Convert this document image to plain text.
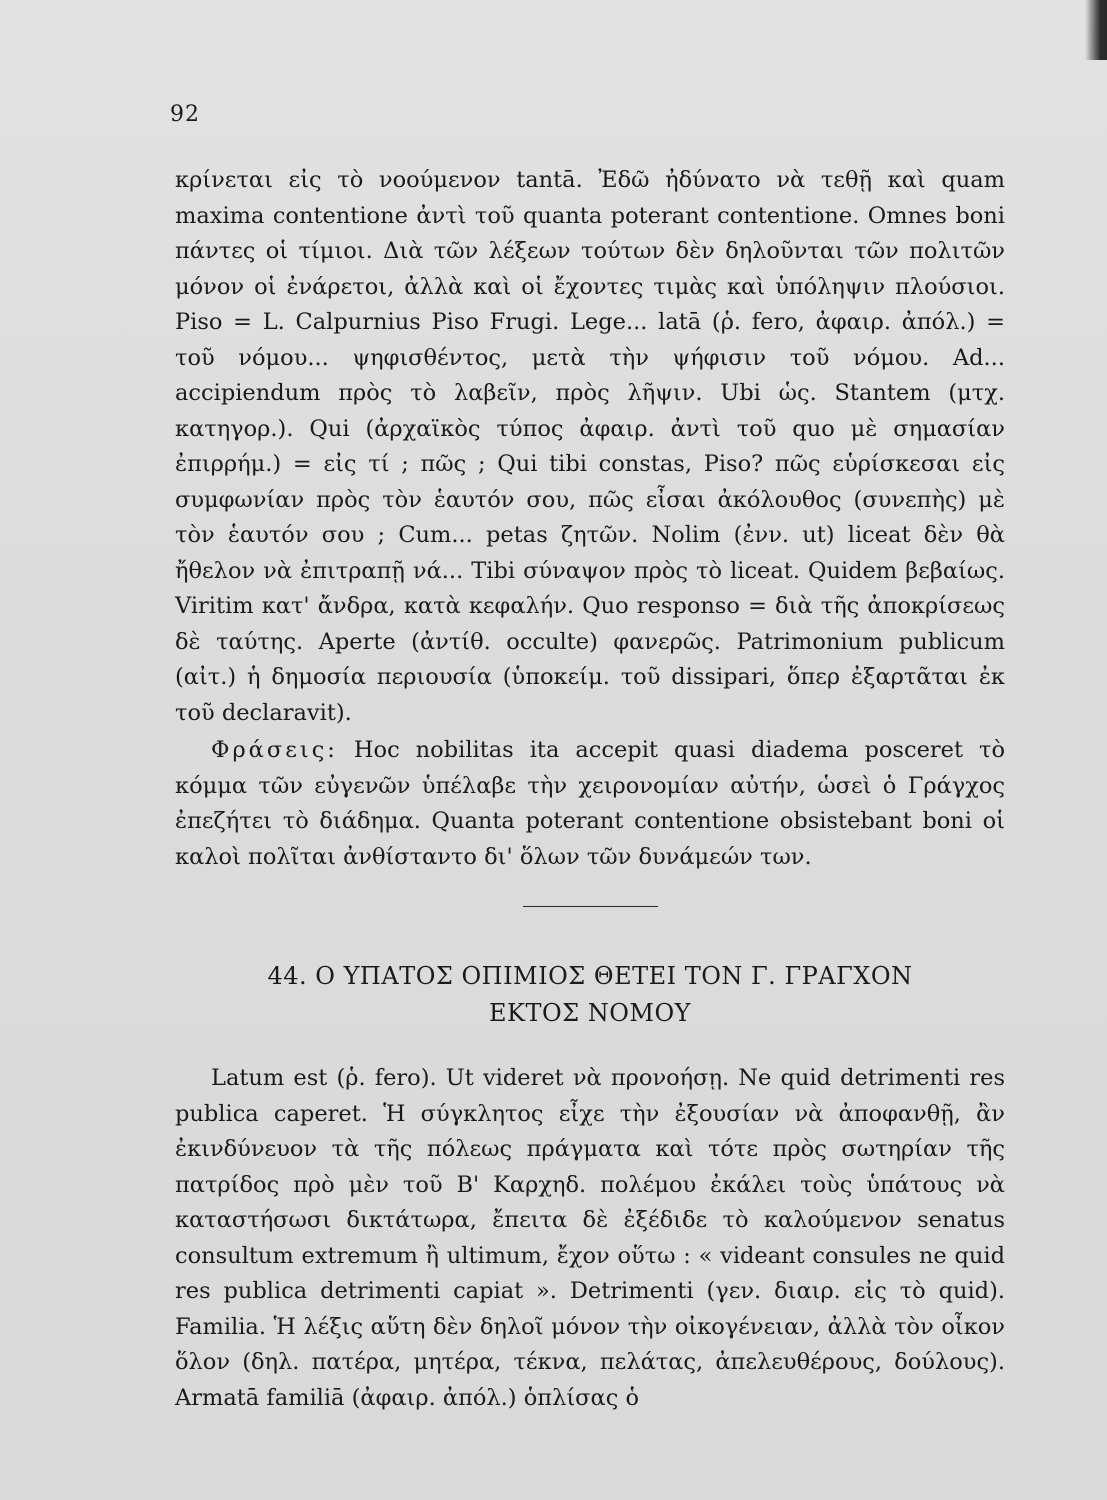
92

κρίνεται εἰς τὸ νοούμενον tantā. Ἐδῶ ἠδύνατο νὰ τεθῇ καὶ quam maxima contentione ἀντὶ τοῦ quanta poterant contentione. Omnes boni πάντες οἱ τίμιοι. Διὰ τῶν λέξεων τούτων δὲν δηλοῦνται τῶν πολιτῶν μόνον οἱ ἐνάρετοι, ἀλλὰ καὶ οἱ ἔχοντες τιμὰς καὶ ὑπόληψιν πλούσιοι. Piso = L. Calpurnius Piso Frugi. Lege... latā (ῥ. fero, ἀφαιρ. ἀπόλ.) = τοῦ νόμου... ψηφισθέντος, μετὰ τὴν ψήφισιν τοῦ νόμου. Ad... accipiendum πρὸς τὸ λαβεῖν, πρὸς λῆψιν. Ubi ὡς. Stantem (μτχ. κατηγορ.). Qui (ἀρχαϊκὸς τύπος ἀφαιρ. ἀντὶ τοῦ quo μὲ σημασίαν ἐπιρρήμ.) = εἰς τί ; πῶς ; Qui tibi constas, Piso? πῶς εὑρίσκεσαι εἰς συμφωνίαν πρὸς τὸν ἑαυτόν σου, πῶς εἶσαι ἀκόλουθος (συνεπὴς) μὲ τὸν ἑαυτόν σου ; Cum... petas ζητῶν. Nolim (ἐνν. ut) liceat δὲν θὰ ἤθελον νὰ ἐπιτραπῇ νά... Tibi σύναψον πρὸς τὸ liceat. Quidem βεβαίως. Viritim κατ' ἄνδρα, κατὰ κεφαλήν. Quo responso = διὰ τῆς ἀποκρίσεως δὲ ταύτης. Aperte (ἀντίθ. occulte) φανερῶς. Patrimonium publicum (αἰτ.) ἡ δημοσία περιουσία (ὑποκείμ. τοῦ dissipari, ὅπερ ἐξαρτᾶται ἐκ τοῦ declaravit).

Φράσεις: Hoc nobilitas ita accepit quasi diadema posceret τὸ κόμμα τῶν εὐγενῶν ὑπέλαβε τὴν χειρονομίαν αὐτήν, ὡσεὶ ὁ Γράγχος ἐπεζήτει τὸ διάδημα. Quanta poterant contentione obsistebant boni οἱ καλοὶ πολῖται ἀνθίσταντο δι' ὅλων τῶν δυνάμεών των.

44. Ο ΥΠΑΤΟΣ ΟΠΙΜΙΟΣ ΘΕΤΕΙ ΤΟΝ Γ. ΓΡΑΓΧΟΝ
ΕΚΤΟΣ ΝΟΜΟΥ

Latum est (ῥ. fero). Ut videret νὰ προνοήσῃ. Ne quid detrimenti res publica caperet. Ἡ σύγκλητος εἶχε τὴν ἐξουσίαν νὰ ἀποφανθῇ, ἂν ἐκινδύνευον τὰ τῆς πόλεως πράγματα καὶ τότε πρὸς σωτηρίαν τῆς πατρίδος πρὸ μὲν τοῦ Β' Καρχηδ. πολέμου ἐκάλει τοὺς ὑπάτους νὰ καταστήσωσι δικτάτωρα, ἔπειτα δὲ ἐξέδιδε τὸ καλούμενον senatus consultum extremum ἢ ultimum, ἔχον οὕτω : « videant consules ne quid res publica detrimenti capiat ». Detrimenti (γεν. διαιρ. εἰς τὸ quid). Familia. Ἡ λέξις αὕτη δὲν δηλοῖ μόνον τὴν οἰκογένειαν, ἀλλὰ τὸν οἶκον ὅλον (δηλ. πατέρα, μητέρα, τέκνα, πελάτας, ἀπελευθέρους, δούλους). Armatā familiā (ἀφαιρ. ἀπόλ.) ὁπλίσας ὁ
